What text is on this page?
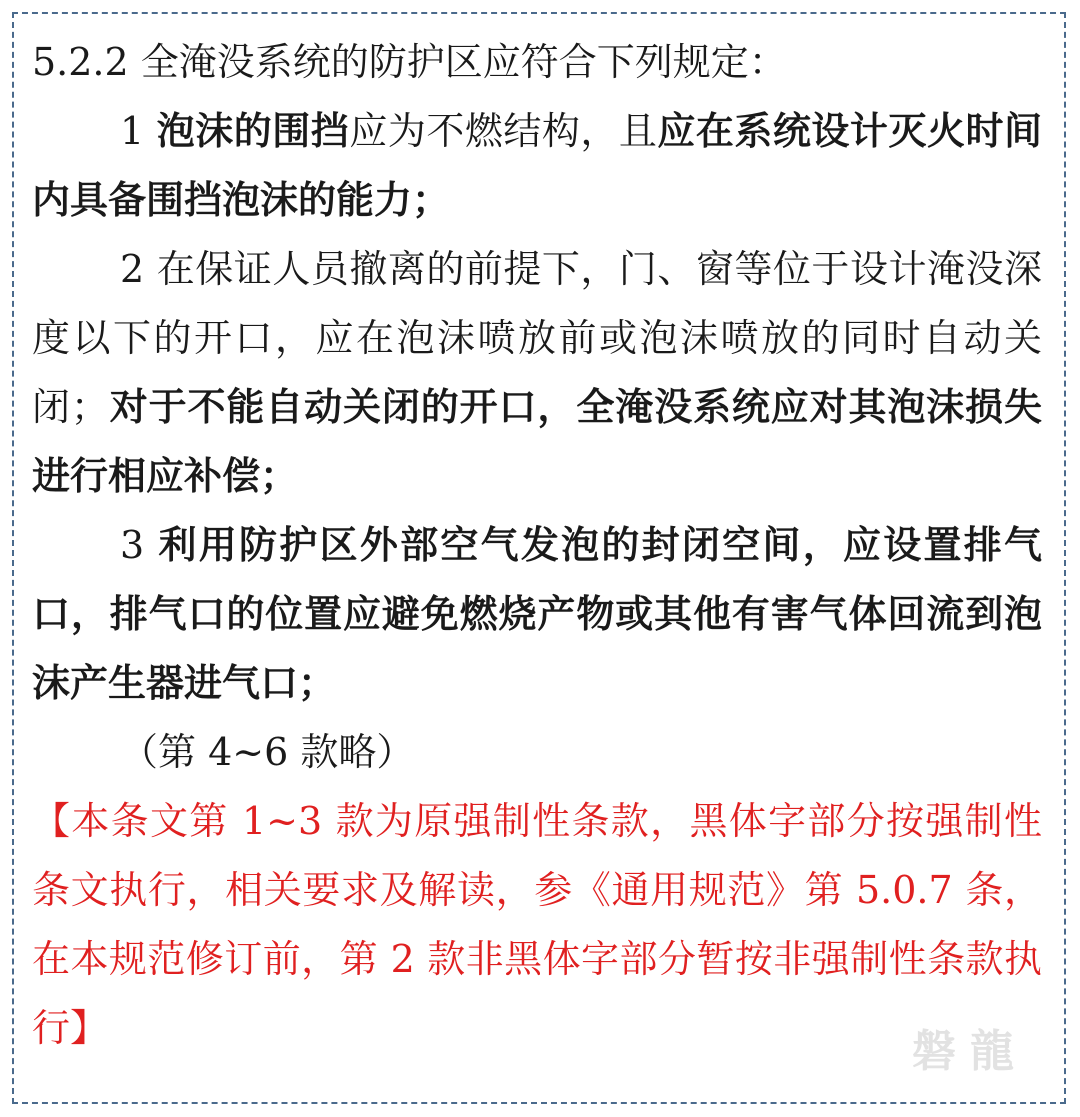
5.2.2 全淹没系统的防护区应符合下列规定：

1 泡沫的围挡应为不燃结构，且应在系统设计灭火时间内具备围挡泡沫的能力；

2 在保证人员撤离的前提下，门、窗等位于设计淹没深度以下的开口，应在泡沫喷放前或泡沫喷放的同时自动关闭；对于不能自动关闭的开口，全淹没系统应对其泡沫损失进行相应补偿；

3 利用防护区外部空气发泡的封闭空间，应设置排气口，排气口的位置应避免燃烧产物或其他有害气体回流到泡沫产生器进气口；

（第 4~6 款略）

【本条文第 1~3 款为原强制性条款，黑体字部分按强制性条文执行，相关要求及解读，参《通用规范》第 5.0.7 条，在本规范修订前，第 2 款非黑体字部分暂按非强制性条款执行】	磐龍
